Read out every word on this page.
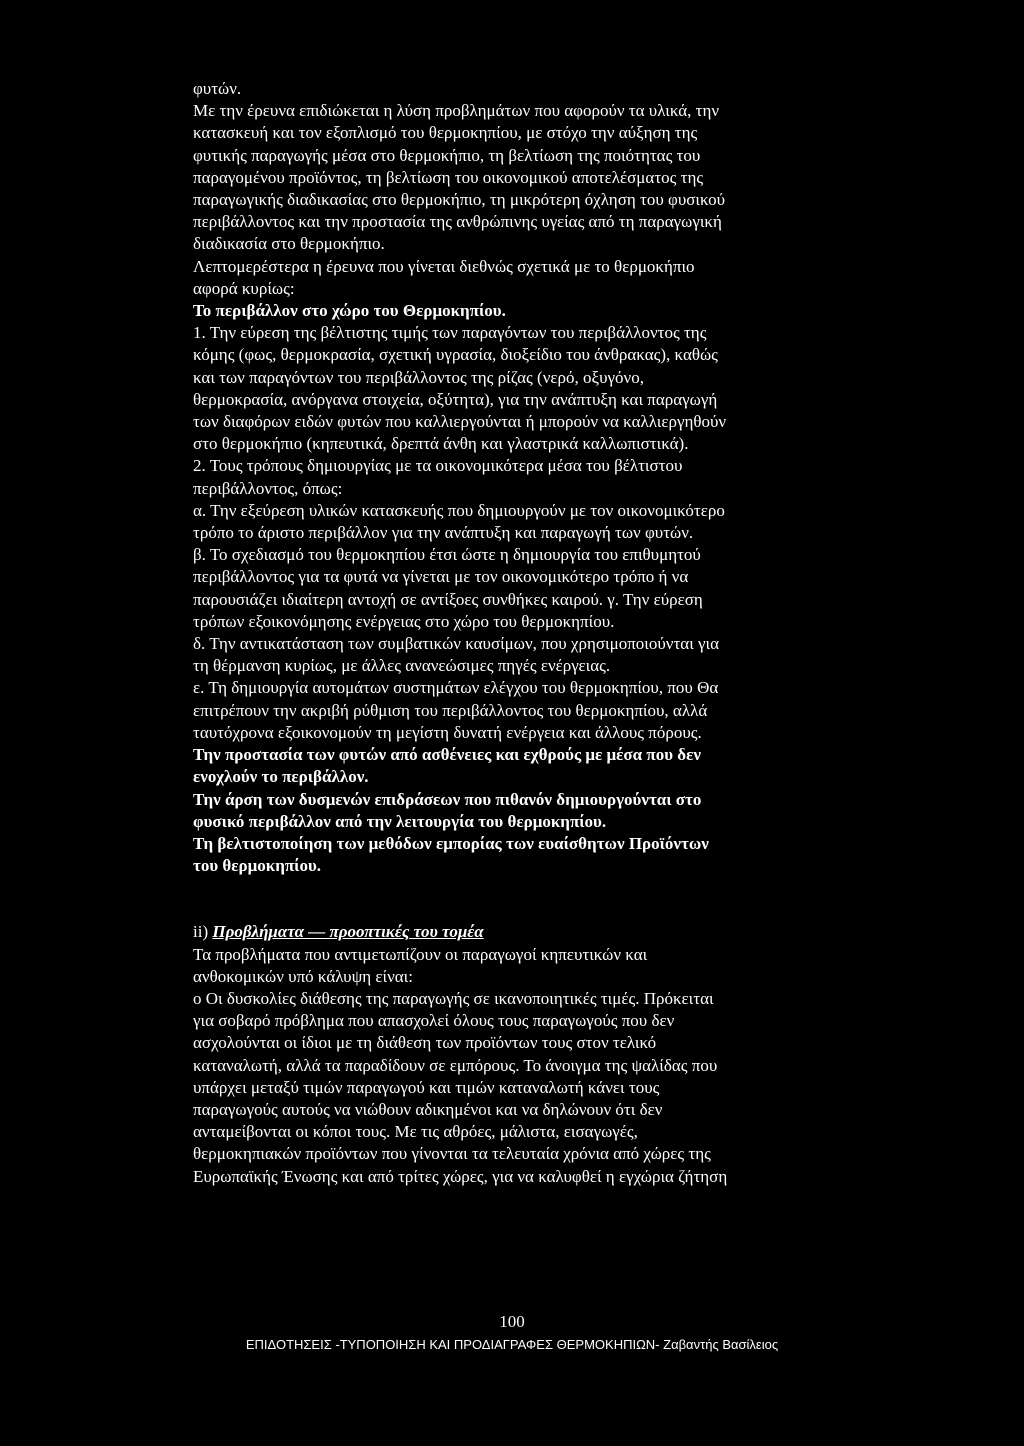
φυτών.

Με την έρευνα επιδιώκεται η λύση προβλημάτων που αφορούν τα υλικά, την

κατασκευή και τον εξοπλισμό του θερμοκηπίου, με στόχο την αύξηση της

φυτικής παραγωγής μέσα στο θερμοκήπιο, τη βελτίωση της ποιότητας του

παραγομένου προϊόντος, τη βελτίωση του οικονομικού αποτελέσματος της

παραγωγικής διαδικασίας στο θερμοκήπιο, τη μικρότερη όχληση του φυσικού

περιβάλλοντος και την προστασία της ανθρώπινης υγείας από τη παραγωγική

διαδικασία στο θερμοκήπιο.

Λεπτομερέστερα η έρευνα που γίνεται διεθνώς σχετικά με το θερμοκήπιο

αφορά κυρίως:

Το περιβάλλον στο χώρο του Θερμοκηπίου.

1. Την εύρεση της βέλτιστης τιμής των παραγόντων του περιβάλλοντος της

κόμης (φως, θερμοκρασία, σχετική υγρασία, διοξείδιο του άνθρακας), καθώς

και των παραγόντων του περιβάλλοντος της ρίζας (νερό, οξυγόνο,

θερμοκρασία, ανόργανα στοιχεία, οξύτητα), για την ανάπτυξη και παραγωγή

των διαφόρων ειδών φυτών που καλλιεργούνται ή μπορούν να καλλιεργηθούν

στο θερμοκήπιο (κηπευτικά, δρεπτά άνθη και γλαστρικά καλλωπιστικά).

2. Τους τρόπους δημιουργίας με τα οικονομικότερα μέσα του βέλτιστου

περιβάλλοντος, όπως:

α. Την εξεύρεση υλικών κατασκευής που δημιουργούν με τον οικονομικότερο

τρόπο το άριστο περιβάλλον για την ανάπτυξη και παραγωγή των φυτών.

β. Το σχεδιασμό του θερμοκηπίου έτσι ώστε η δημιουργία του επιθυμητού

περιβάλλοντος για τα φυτά να γίνεται με τον οικονομικότερο τρόπο ή να

παρουσιάζει ιδιαίτερη αντοχή σε αντίξοες συνθήκες καιρού. γ. Την εύρεση

τρόπων εξοικονόμησης ενέργειας στο χώρο του θερμοκηπίου.

δ. Την αντικατάσταση των συμβατικών καυσίμων, που χρησιμοποιούνται για

τη θέρμανση κυρίως, με άλλες ανανεώσιμες πηγές ενέργειας.

ε. Τη δημιουργία αυτομάτων συστημάτων ελέγχου του θερμοκηπίου, που Θα

επιτρέπουν την ακριβή ρύθμιση του περιβάλλοντος του θερμοκηπίου, αλλά

ταυτόχρονα εξοικονομούν τη μεγίστη δυνατή ενέργεια και άλλους πόρους.

Την προστασία των φυτών από ασθένειες και εχθρούς με μέσα που δεν

ενοχλούν το περιβάλλον.

Την άρση των δυσμενών επιδράσεων που πιθανόν δημιουργούνται στο

φυσικό περιβάλλον από την λειτουργία του θερμοκηπίου.

Τη βελτιστοποίηση των μεθόδων εμπορίας των ευαίσθητων Προϊόντων

του θερμοκηπίου.

ii) Προβλήματα — προοπτικές του τομέα

Τα προβλήματα που αντιμετωπίζουν οι παραγωγοί κηπευτικών και

ανθοκομικών υπό κάλυψη είναι:

ο Οι δυσκολίες διάθεσης της παραγωγής σε ικανοποιητικές τιμές. Πρόκειται

για σοβαρό πρόβλημα που απασχολεί όλους τους παραγωγούς που δεν

ασχολούνται οι ίδιοι με τη διάθεση των προϊόντων τους στον τελικό

καταναλωτή, αλλά τα παραδίδουν σε εμπόρους. Το άνοιγμα της ψαλίδας που

υπάρχει μεταξύ τιμών παραγωγού και τιμών καταναλωτή κάνει τους

παραγωγούς αυτούς να νιώθουν αδικημένοι και να δηλώνουν ότι δεν

ανταμείβονται οι κόποι τους. Με τις αθρόες, μάλιστα, εισαγωγές,

θερμοκηπιακών προϊόντων που γίνονται τα τελευταία χρόνια από χώρες της

Ευρωπαϊκής Ένωσης και από τρίτες χώρες, για να καλυφθεί η εγχώρια ζήτηση

100
ΕΠΙΔΟΤΗΣΕΙΣ -ΤΥΠΟΠΟΙΗΣΗ ΚΑΙ ΠΡΟΔΙΑΓΡΑΦΕΣ ΘΕΡΜΟΚΗΠΙΩΝ- Ζαβαντής Βασίλειος
